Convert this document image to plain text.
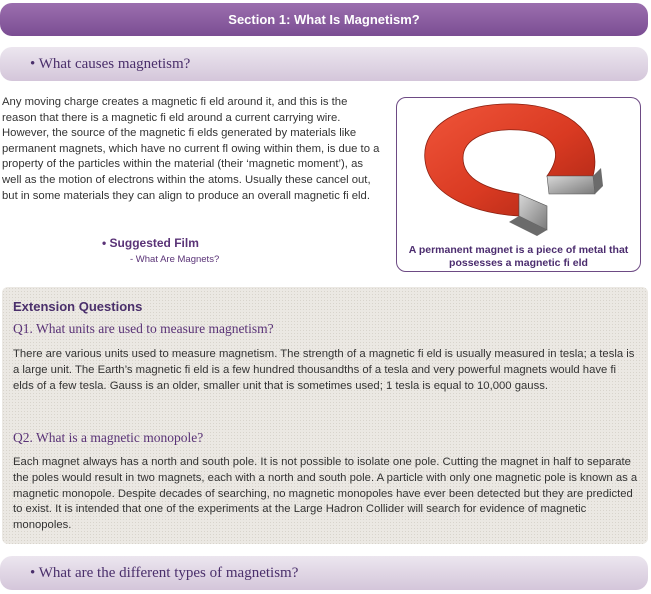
Section 1: What Is Magnetism?
• What causes magnetism?

Any moving charge creates a magnetic fi eld around it, and this is the reason that there is a magnetic fi eld around a current carrying wire. However, the source of the magnetic fi elds generated by materials like permanent magnets, which have no current fl owing within them, is due to a property of the particles within the material (their ‘magnetic moment’), as well as the motion of electrons within the atoms. Usually these cancel out, but in some materials they can align to produce an overall magnetic fi eld.

• Suggested Film
- What Are Magnets?
A permanent magnet is a piece of metal that possesses a magnetic fi eld
Extension Questions
Q1. What units are used to measure magnetism?

There are various units used to measure magnetism. The strength of a magnetic fi eld is usually measured in tesla; a tesla is a large unit. The Earth’s magnetic fi eld is a few hundred thousandths of a tesla and very powerful magnets would have fi elds of a few tesla. Gauss is an older, smaller unit that is sometimes used; 1 tesla is equal to 10,000 gauss.

Q2. What is a magnetic monopole?

Each magnet always has a north and south pole. It is not possible to isolate one pole. Cutting the magnet in half to separate the poles would result in two magnets, each with a north and south pole. A particle with only one magnetic pole is known as a magnetic monopole. Despite decades of searching, no magnetic monopoles have ever been detected but they are predicted to exist. It is intended that one of the experiments at the Large Hadron Collider will search for evidence of magnetic monopoles.

• What are the different types of magnetism?
